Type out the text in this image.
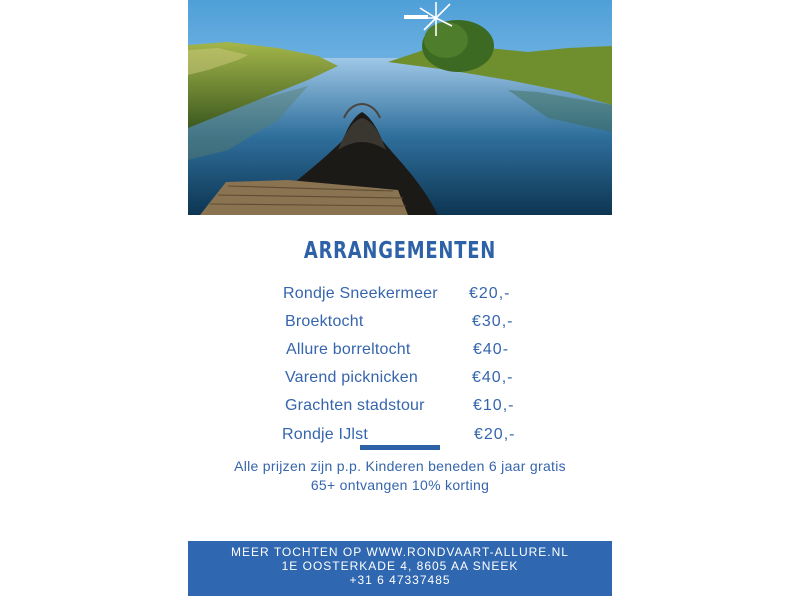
ARRANGEMENTEN
Rondje Sneekermeer €20,-
Broektocht	€30,-
Allure borreltocht	€40-
Varend picknicken	€40,-
Grachten stadstour	€10,-
Rondje IJlst	€20,-
Alle prijzen zijn p.p. Kinderen beneden 6 jaar gratis
65+ ontvangen 10% korting
MEER TOCHTEN OP WWW.RONDVAART-ALLURE.NL
1E OOSTERKADE 4, 8605 AA SNEEK
+31 6 47337485
